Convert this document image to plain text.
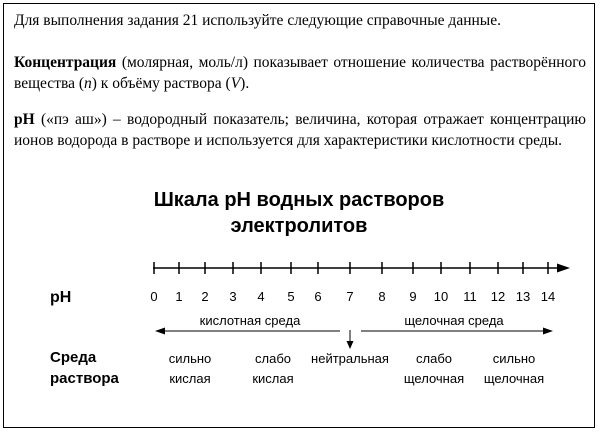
Для выполнения задания 21 используйте следующие справочные данные.
Концентрация (молярная, моль/л) показывает отношение количества растворённого вещества (n) к объёму раствора (V).
pH («пэ аш») – водородный показатель; величина, которая отражает концентрацию ионов водорода в растворе и используется для характеристики кислотности среды.
Шкала pH водных растворов
электролитов
pH	0 1 2 3 4 5 6 7 8 9 10 11 12 13 14
кислотная среда	щелочная среда
Среда
раствора
сильно
кислая
слабо
кислая
нейтральная слабо
щелочная
сильно
щелочная
